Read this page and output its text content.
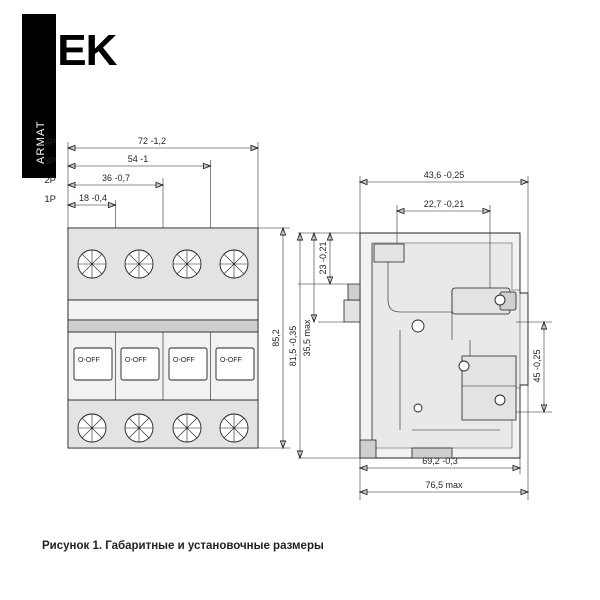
ARMAT
IEK
O-OFF	O-OFF	O-OFF	O-OFF
72 -1,2
54 -1
36 -0,7
18 -0,4
4P
3P
2P
1P
85,2
43,6 -0,25
22,7 -0,21
23 -0,21
35,5 max
81,5 -0,35	45 -0,25
69,2 -0,3
76,5 max
Рисунок 1. Габаритные и установочные размеры
